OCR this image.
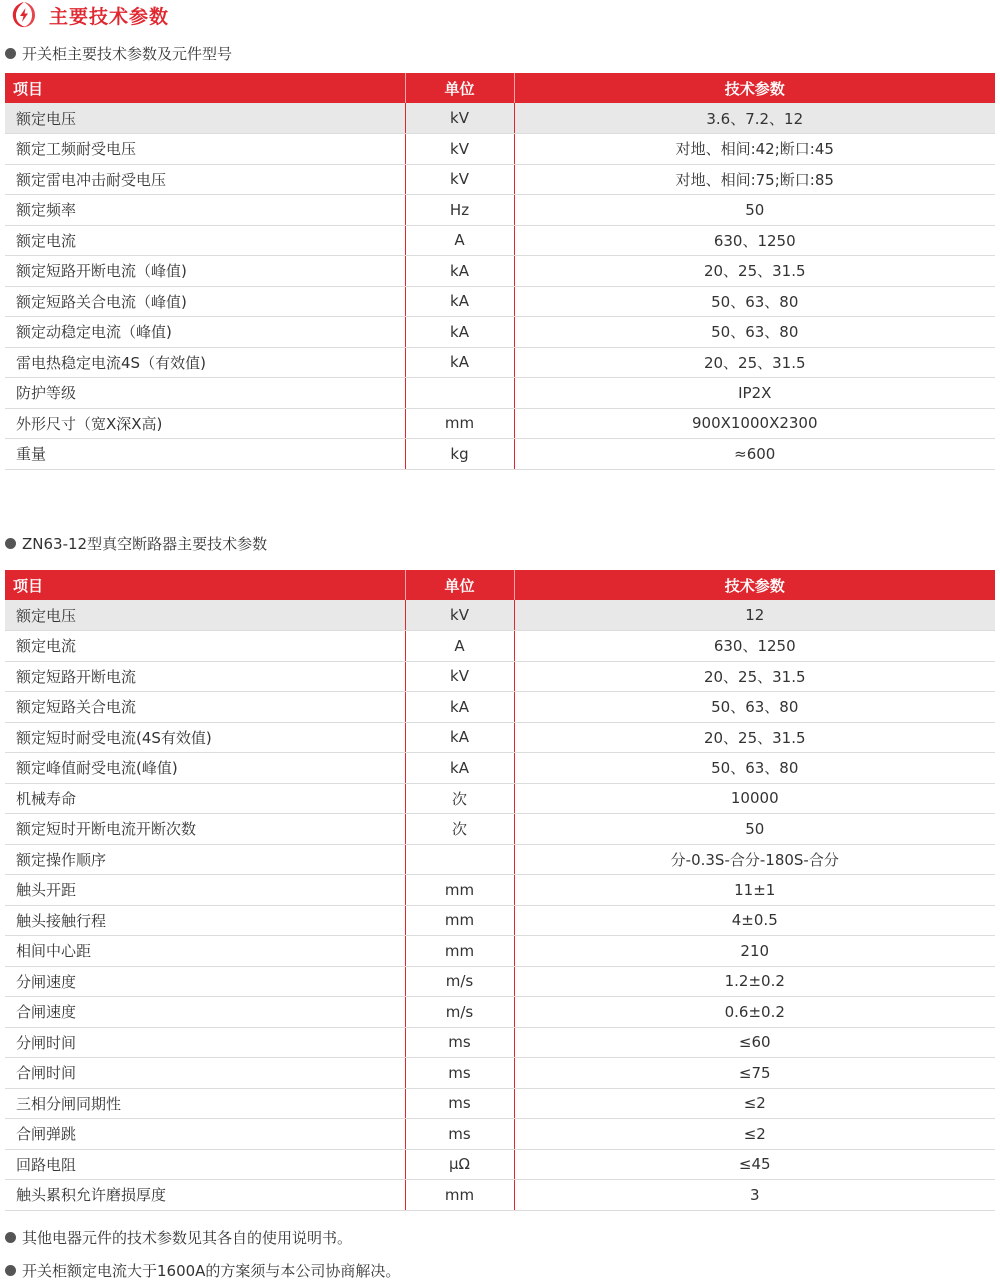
主要技术参数
开关柜主要技术参数及元件型号
项目	单位	技术参数
额定电压	kV	3.6、7.2、12
额定工频耐受电压	kV	对地、相间:42;断口:45
额定雷电冲击耐受电压	kV	对地、相间:75;断口:85
额定频率	Hz	50
额定电流	A	630、1250
额定短路开断电流（峰值)	kA	20、25、31.5
额定短路关合电流（峰值)	kA	50、63、80
额定动稳定电流（峰值)	kA	50、63、80
雷电热稳定电流4S（有效值)	kA	20、25、31.5
防护等级		IP2X
外形尺寸（宽X深X高)	mm	900X1000X2300
重量	kg	≈600
ZN63-12型真空断路器主要技术参数
项目	单位	技术参数
额定电压	kV	12
额定电流	A	630、1250
额定短路开断电流	kV	20、25、31.5
额定短路关合电流	kA	50、63、80
额定短时耐受电流(4S有效值)	kA	20、25、31.5
额定峰值耐受电流(峰值)	kA	50、63、80
机械寿命	次	10000
额定短时开断电流开断次数	次	50
额定操作顺序		分-0.3S-合分-180S-合分
触头开距	mm	11±1
触头接触行程	mm	4±0.5
相间中心距	mm	210
分闸速度	m/s	1.2±0.2
合闸速度	m/s	0.6±0.2
分闸时间	ms	≤60
合闸时间	ms	≤75
三相分闸同期性	ms	≤2
合闸弹跳	ms	≤2
回路电阻	μΩ	≤45
触头累积允许磨损厚度	mm	3
其他电器元件的技术参数见其各自的使用说明书。
开关柜额定电流大于1600A的方案须与本公司协商解决。
